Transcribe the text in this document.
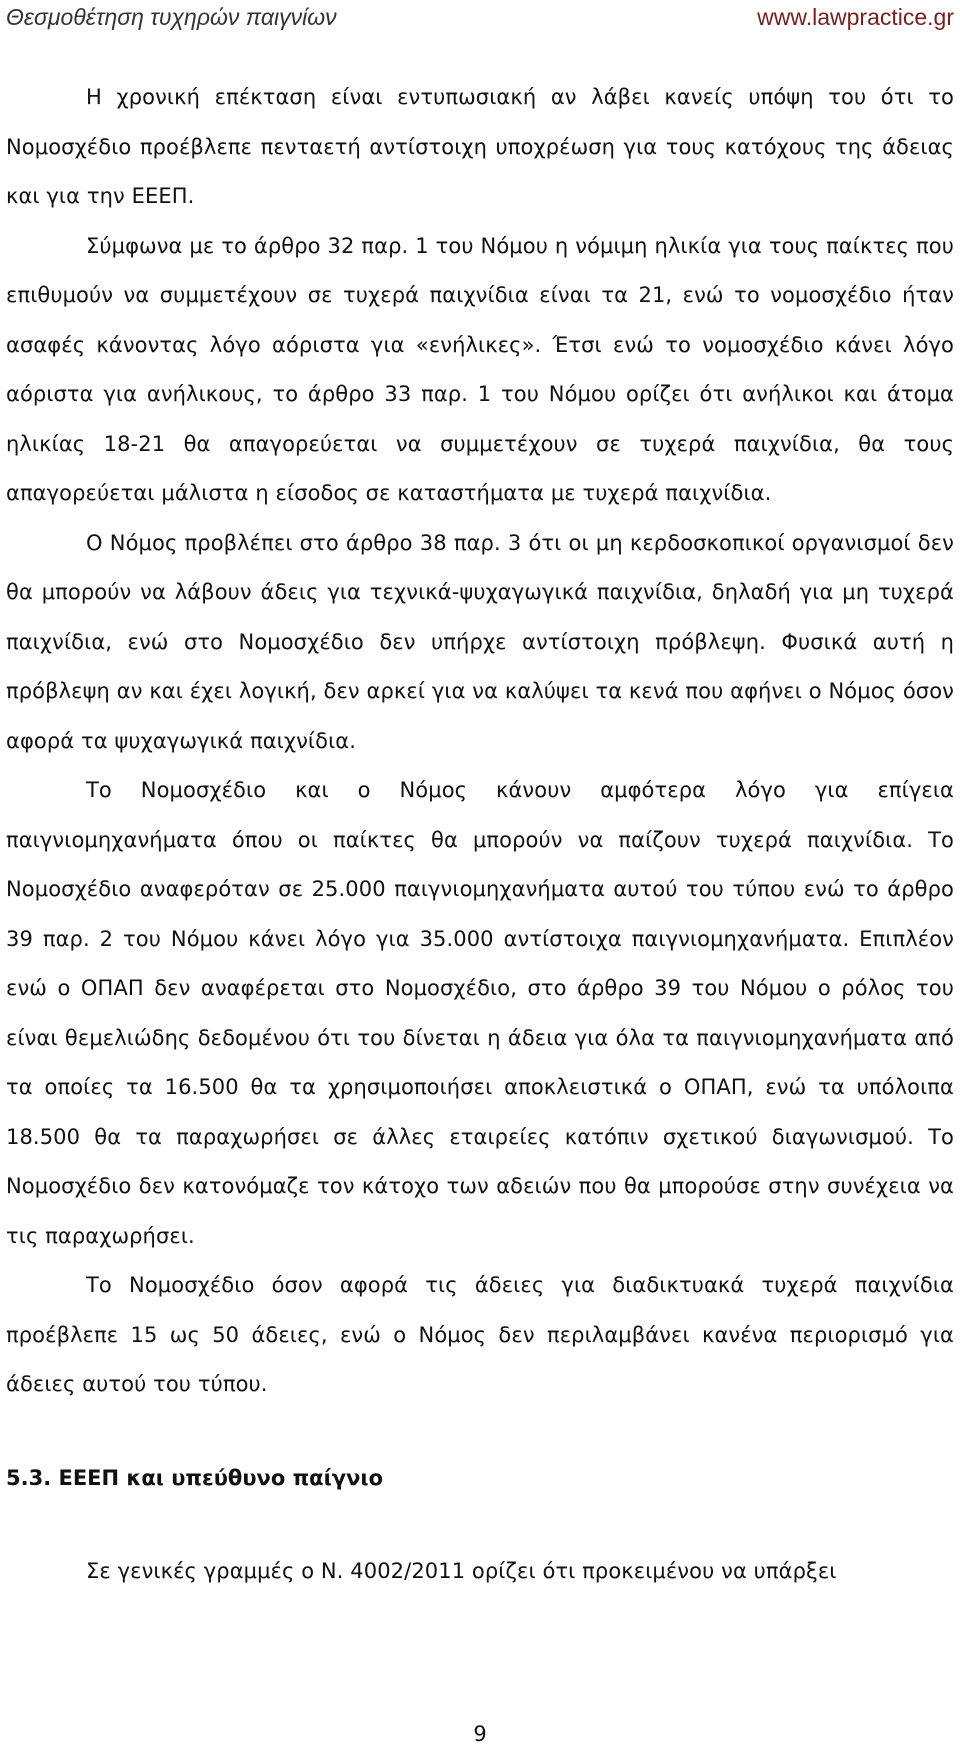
Θεσμοθέτηση τυχηρών παιγνίων	www.lawpractice.gr

Η χρονική επέκταση είναι εντυπωσιακή αν λάβει κανείς υπόψη του ότι το Νομοσχέδιο προέβλεπε πενταετή αντίστοιχη υποχρέωση για τους κατόχους της άδειας και για την ΕΕΕΠ.

Σύμφωνα με το άρθρο 32 παρ. 1 του Νόμου η νόμιμη ηλικία για τους παίκτες που επιθυμούν να συμμετέχουν σε τυχερά παιχνίδια είναι τα 21, ενώ το νομοσχέδιο ήταν ασαφές κάνοντας λόγο αόριστα για «ενήλικες». Έτσι ενώ το νομοσχέδιο κάνει λόγο αόριστα για ανήλικους, το άρθρο 33 παρ. 1 του Νόμου ορίζει ότι ανήλικοι και άτομα ηλικίας 18-21 θα απαγορεύεται να συμμετέχουν σε τυχερά παιχνίδια, θα τους απαγορεύεται μάλιστα η είσοδος σε καταστήματα με τυχερά παιχνίδια.

Ο Νόμος προβλέπει στο άρθρο 38 παρ. 3 ότι οι μη κερδοσκοπικοί οργανισμοί δεν θα μπορούν να λάβουν άδεις για τεχνικά-ψυχαγωγικά παιχνίδια, δηλαδή για μη τυχερά παιχνίδια, ενώ στο Νομοσχέδιο δεν υπήρχε αντίστοιχη πρόβλεψη. Φυσικά αυτή η πρόβλεψη αν και έχει λογική, δεν αρκεί για να καλύψει τα κενά που αφήνει ο Νόμος όσον αφορά τα ψυχαγωγικά παιχνίδια.

Το Νομοσχέδιο και ο Νόμος κάνουν αμφότερα λόγο για επίγεια παιγνιομηχανήματα όπου οι παίκτες θα μπορούν να παίζουν τυχερά παιχνίδια. Το Νομοσχέδιο αναφερόταν σε 25.000 παιγνιομηχανήματα αυτού του τύπου ενώ το άρθρο 39 παρ. 2 του Νόμου κάνει λόγο για 35.000 αντίστοιχα παιγνιομηχανήματα. Επιπλέον ενώ ο ΟΠΑΠ δεν αναφέρεται στο Νομοσχέδιο, στο άρθρο 39 του Νόμου ο ρόλος του είναι θεμελιώδης δεδομένου ότι του δίνεται η άδεια για όλα τα παιγνιομηχανήματα από τα οποίες τα 16.500 θα τα χρησιμοποιήσει αποκλειστικά ο ΟΠΑΠ, ενώ τα υπόλοιπα 18.500 θα τα παραχωρήσει σε άλλες εταιρείες κατόπιν σχετικού διαγωνισμού. Το Νομοσχέδιο δεν κατονόμαζε τον κάτοχο των αδειών που θα μπορούσε στην συνέχεια να τις παραχωρήσει.

Το Νομοσχέδιο όσον αφορά τις άδειες για διαδικτυακά τυχερά παιχνίδια προέβλεπε 15 ως 50 άδειες, ενώ ο Νόμος δεν περιλαμβάνει κανένα περιορισμό για άδειες αυτού του τύπου.

5.3. ΕΕΕΠ και υπεύθυνο παίγνιο

Σε γενικές γραμμές ο Ν. 4002/2011 ορίζει ότι προκειμένου να υπάρξει

9
